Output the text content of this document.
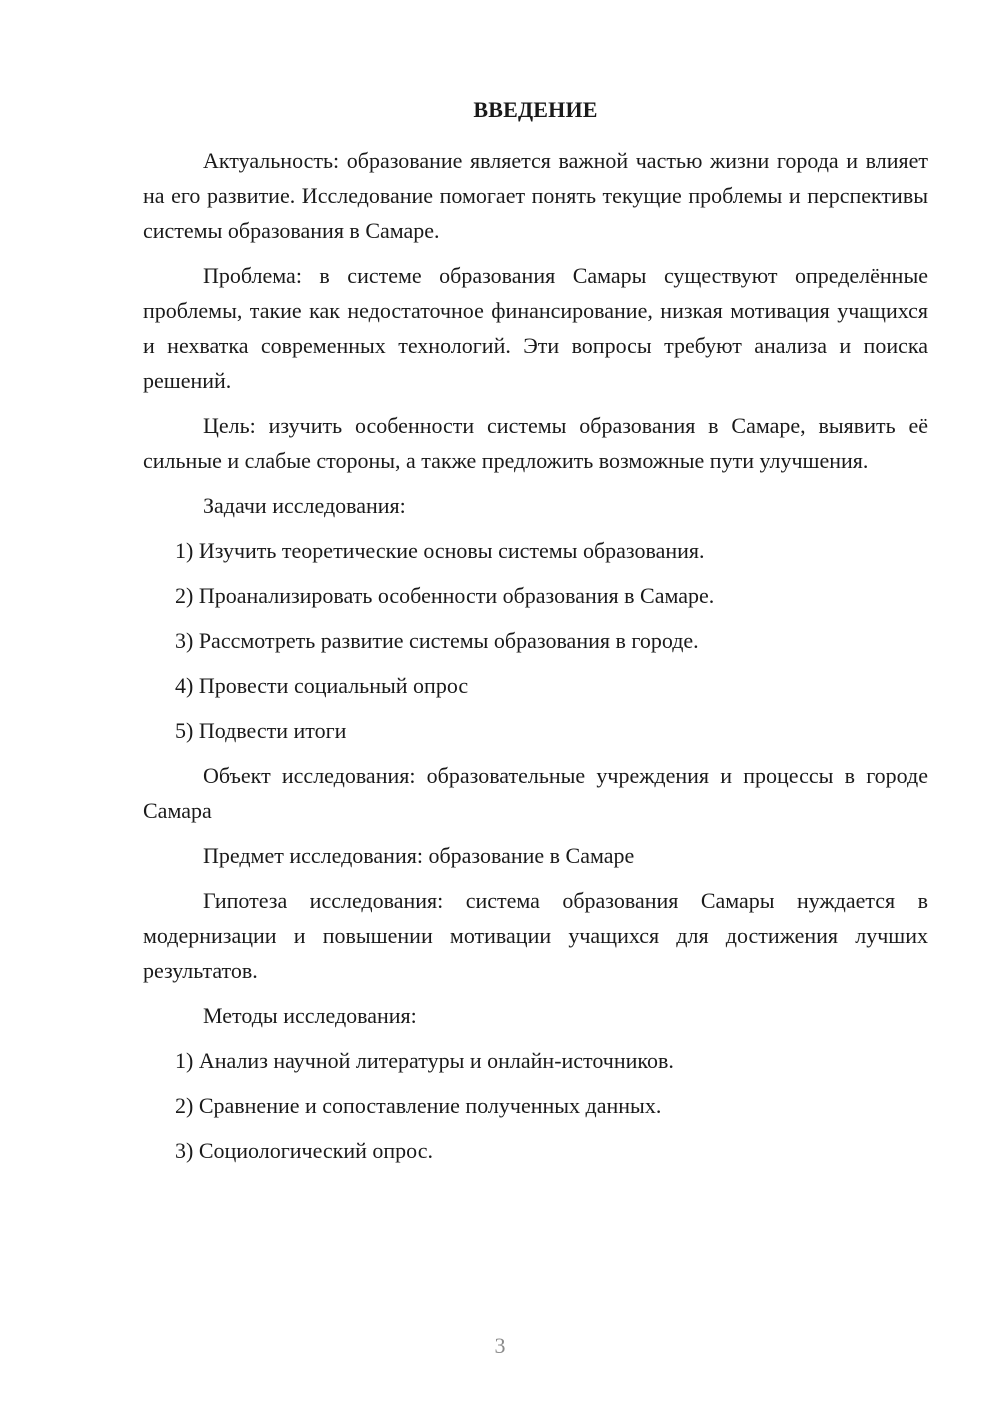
ВВЕДЕНИЕ

Актуальность: образование является важной частью жизни города и влияет на его развитие. Исследование помогает понять текущие проблемы и перспективы системы образования в Самаре.

Проблема: в системе образования Самары существуют определённые проблемы, такие как недостаточное финансирование, низкая мотивация учащихся и нехватка современных технологий. Эти вопросы требуют анализа и поиска решений.

Цель: изучить особенности системы образования в Самаре, выявить её сильные и слабые стороны, а также предложить возможные пути улучшения.

Задачи исследования:
1) Изучить теоретические основы системы образования.
2) Проанализировать особенности образования в Самаре.
3) Рассмотреть развитие системы образования в городе.
4) Провести социальный опрос
5) Подвести итоги

Объект исследования: образовательные учреждения и процессы в городе Самара

Предмет исследования: образование в Самаре

Гипотеза исследования: система образования Самары нуждается в модернизации и повышении мотивации учащихся для достижения лучших результатов.

Методы исследования:
1) Анализ научной литературы и онлайн-источников.
2) Сравнение и сопоставление полученных данных.
3) Социологический опрос.
3
